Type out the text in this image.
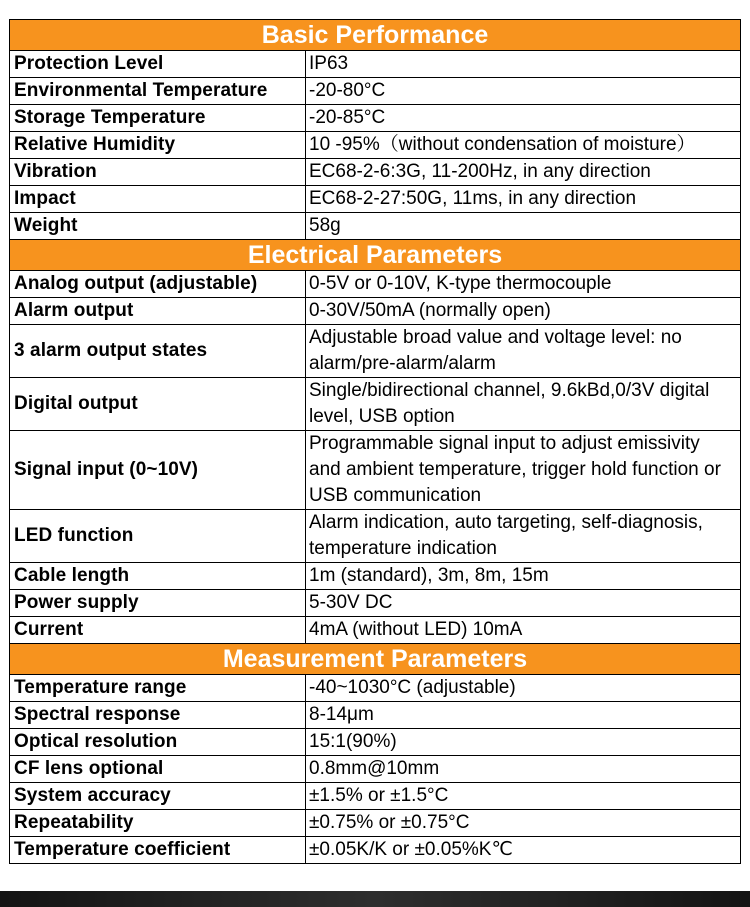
Basic Performance	
Protection Level	IP63
Environmental Temperature	-20-80°C
Storage Temperature	-20-85°C
Relative Humidity	10 -95%（without condensation of moisture）
Vibration	EC68-2-6:3G, 11-200Hz, in any direction
Impact	EC68-2-27:50G, 11ms, in any direction
Weight	58g
Electrical Parameters	
Analog output (adjustable)	0-5V or 0-10V, K-type thermocouple
Alarm output	0-30V/50mA (normally open)
3 alarm output states	Adjustable broad value and voltage level: no alarm/pre-alarm/alarm
Digital output	Single/bidirectional channel, 9.6kBd,0/3V digital level, USB option
Signal input (0~10V)	Programmable signal input to adjust emissivity and ambient temperature, trigger hold function or USB communication
LED function	Alarm indication, auto targeting, self-diagnosis, temperature indication
Cable length	1m (standard), 3m, 8m, 15m
Power supply	5-30V DC
Current	4mA (without LED) 10mA
Measurement Parameters	
Temperature range	-40~1030°C (adjustable)
Spectral response	8-14μm
Optical resolution	15:1(90%)
CF lens optional	0.8mm@10mm
System accuracy	±1.5% or ±1.5°C
Repeatability	±0.75% or ±0.75°C
Temperature coefficient	±0.05K/K or ±0.05%K℃
